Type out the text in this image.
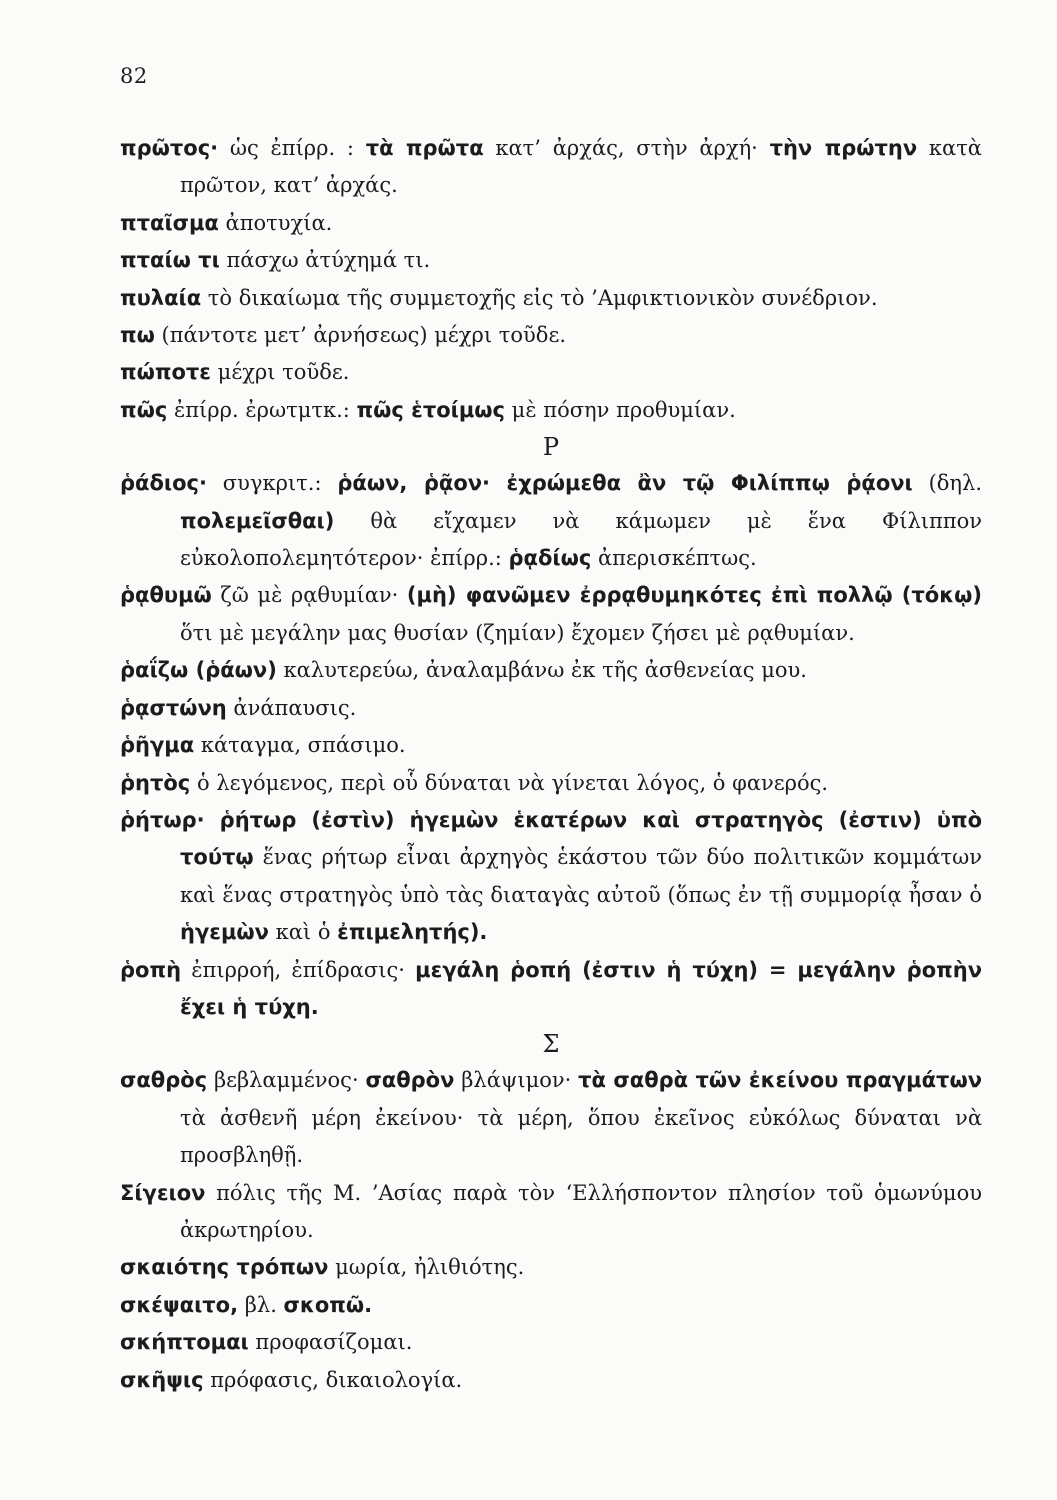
82
πρῶτος· ὡς ἐπίρρ. : τὰ πρῶτα κατ’ ἀρχάς, στὴν ἀρχή· τὴν πρώτην κατὰ πρῶτον, κατ’ ἀρχάς.
πταῖσμα ἀποτυχία.
πταίω τι πάσχω ἀτύχημά τι.
πυλαία τὸ δικαίωμα τῆς συμμετοχῆς εἰς τὸ ’Αμφικτιονικὸν συνέδριον.
πω (πάντοτε μετ’ ἀρνήσεως) μέχρι τοῦδε.
πώποτε μέχρι τοῦδε.
πῶς ἐπίρρ. ἐρωτμτκ.: πῶς ἑτοίμως μὲ πόσην προθυμίαν.
Ρ
ῥάδιος· συγκριτ.: ῥάων, ῥᾷον· ἐχρώμεθα ἂν τῷ Φιλίππῳ ῥᾴονι (δηλ. πολεμεῖσθαι) θὰ εἴχαμεν νὰ κάμωμεν μὲ ἕνα Φίλιππον εὐκολοπολεμητότερον· ἐπίρρ.: ῥᾳδίως ἀπερισκέπτως.
ῥᾳθυμῶ ζῶ μὲ ρᾳθυμίαν· (μὴ) φανῶμεν ἐρρᾳθυμηκότες ἐπὶ πολλῷ (τόκῳ) ὅτι μὲ μεγάλην μας θυσίαν (ζημίαν) ἔχομεν ζήσει μὲ ρᾳθυμίαν.
ῥαΐζω (ῥάων) καλυτερεύω, ἀναλαμβάνω ἐκ τῆς ἀσθενείας μου.
ῥᾳστώνη ἀνάπαυσις.
ῥῆγμα κάταγμα, σπάσιμο.
ῥητὸς ὁ λεγόμενος, περὶ οὗ δύναται νὰ γίνεται λόγος, ὁ φανερός.
ῥήτωρ· ῥήτωρ (ἐστὶν) ἡγεμὼν ἑκατέρων καὶ στρατηγὸς (ἐστιν) ὑπὸ τούτῳ ἕνας ρήτωρ εἶναι ἀρχηγὸς ἑκάστου τῶν δύο πολιτικῶν κομμάτων καὶ ἕνας στρατηγὸς ὑπὸ τὰς διαταγὰς αὐτοῦ (ὅπως ἐν τῇ συμμορίᾳ ἦσαν ὁ ἡγεμὼν καὶ ὁ ἐπιμελητής).
ῥοπὴ ἐπιρροή, ἐπίδρασις· μεγάλη ῥοπή (ἐστιν ἡ τύχη) = μεγάλην ῥοπὴν ἔχει ἡ τύχη.
Σ
σαθρὸς βεβλαμμένος· σαθρὸν βλάψιμον· τὰ σαθρὰ τῶν ἐκείνου πραγμάτων τὰ ἀσθενῆ μέρη ἐκείνου· τὰ μέρη, ὅπου ἐκεῖνος εὐκόλως δύναται νὰ προσβληθῇ.
Σίγειον πόλις τῆς Μ. ’Ασίας παρὰ τὸν ‘Ελλήσποντον πλησίον τοῦ ὁμωνύμου ἀκρωτηρίου.
σκαιότης τρόπων μωρία, ἠλιθιότης.
σκέψαιτο, βλ. σκοπῶ.
σκήπτομαι προφασίζομαι.
σκῆψις πρόφασις, δικαιολογία.
